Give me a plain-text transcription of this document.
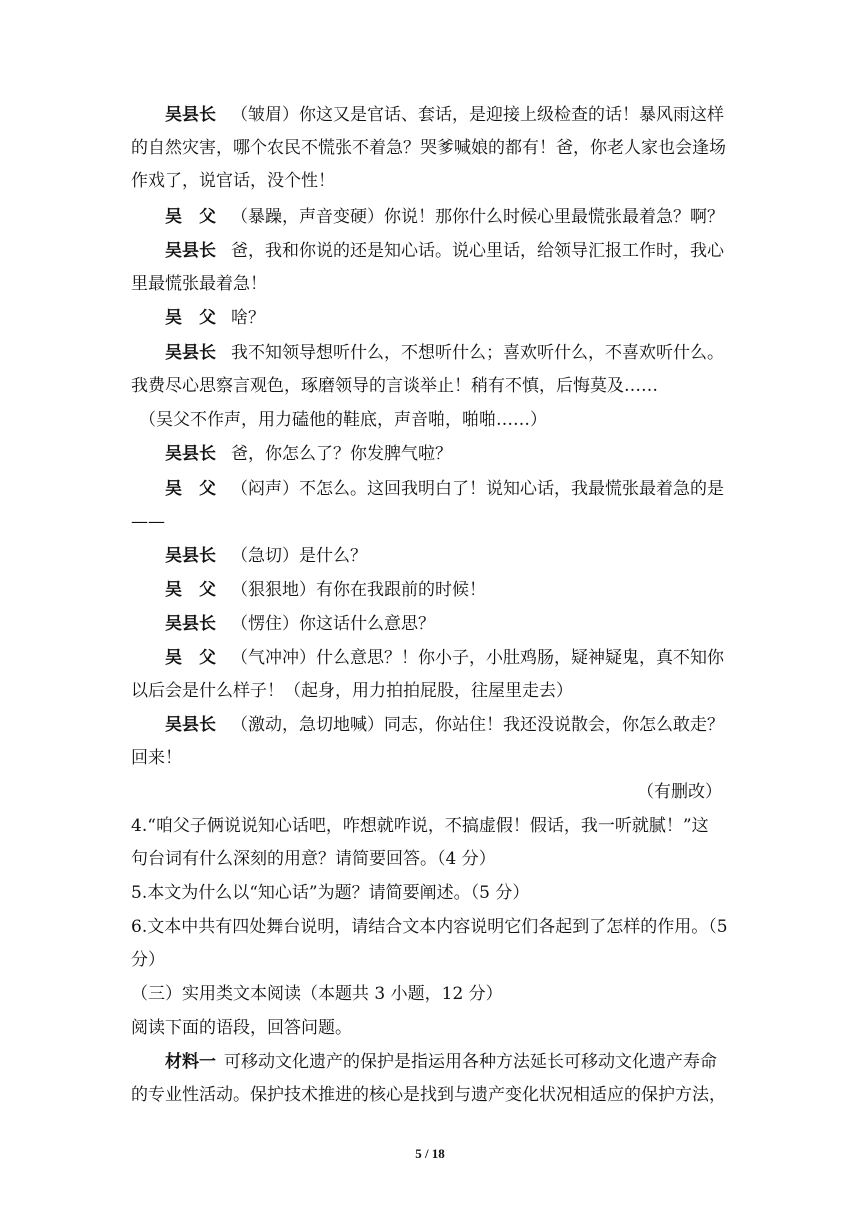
吴县长 （皱眉）你这又是官话、套话，是迎接上级检查的话！暴风雨这样
的自然灾害，哪个农民不慌张不着急？哭爹喊娘的都有！爸，你老人家也会逢场
作戏了，说官话，没个性！
吴　父 （暴躁，声音变硬）你说！那你什么时候心里最慌张最着急？啊？
吴县长 爸，我和你说的还是知心话。说心里话，给领导汇报工作时，我心
里最慌张最着急！
吴　父 啥？
吴县长 我不知领导想听什么，不想听什么；喜欢听什么，不喜欢听什么。
我费尽心思察言观色，琢磨领导的言谈举止！稍有不慎，后悔莫及……
（吴父不作声，用力磕他的鞋底，声音啪，啪啪……）
吴县长 爸，你怎么了？你发脾气啦？
吴　父 （闷声）不怎么。这回我明白了！说知心话，我最慌张最着急的是
——
吴县长 （急切）是什么？
吴　父 （狠狠地）有你在我跟前的时候！
吴县长 （愣住）你这话什么意思？
吴　父 （气冲冲）什么意思？！你小子，小肚鸡肠，疑神疑鬼，真不知你
以后会是什么样子！（起身，用力拍拍屁股，往屋里走去）
吴县长 （激动，急切地喊）同志，你站住！我还没说散会，你怎么敢走？
回来！
（有删改）
4.“咱父子俩说说知心话吧，咋想就咋说，不搞虚假！假话，我一听就腻！”这
句台词有什么深刻的用意？请简要回答。（4 分）
5.本文为什么以“知心话”为题？请简要阐述。（5 分）
6.文本中共有四处舞台说明，请结合文本内容说明它们各起到了怎样的作用。（5
分）
（三）实用类文本阅读（本题共 3 小题，12 分）
阅读下面的语段，回答问题。
材料一 可移动文化遗产的保护是指运用各种方法延长可移动文化遗产寿命
的专业性活动。保护技术推进的核心是找到与遗产变化状况相适应的保护方法，
5 / 18
